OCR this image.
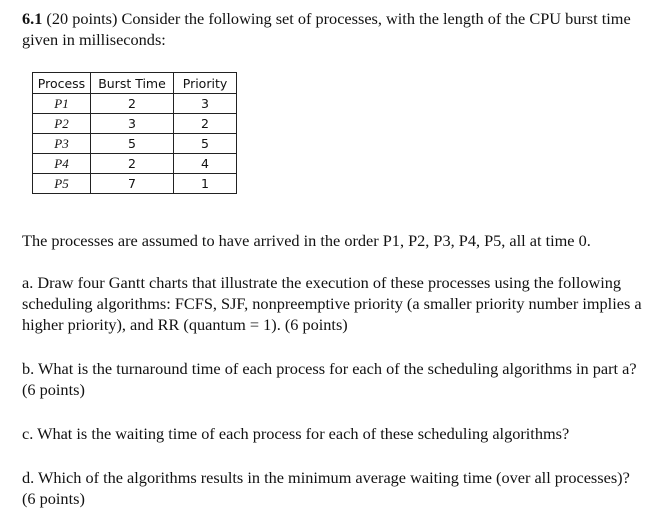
6.1 (20 points) Consider the following set of processes, with the length of the CPU burst time given in milliseconds:

Process	Burst Time	Priority
P1	2	3
P2	3	2
P3	5	5
P4	2	4
P5	7	1

The processes are assumed to have arrived in the order P1, P2, P3, P4, P5, all at time 0.

a. Draw four Gantt charts that illustrate the execution of these processes using the following scheduling algorithms: FCFS, SJF, nonpreemptive priority (a smaller priority number implies a higher priority), and RR (quantum = 1). (6 points)

b. What is the turnaround time of each process for each of the scheduling algorithms in part a? (6 points)

c. What is the waiting time of each process for each of these scheduling algorithms?

d. Which of the algorithms results in the minimum average waiting time (over all processes)? (6 points)
